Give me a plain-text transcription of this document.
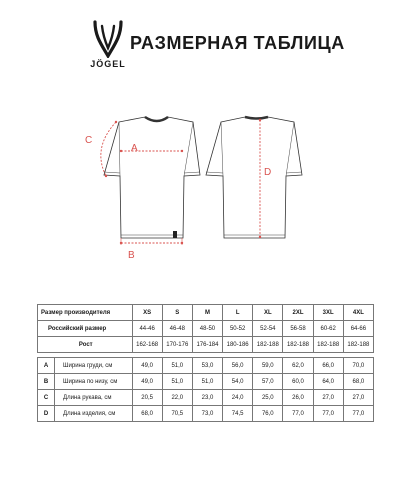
JÖGEL
РАЗМЕРНАЯ ТАБЛИЦА
A
B
C
D
Размер производителя		XS	S	M	L	XL	2XL	3XL	4XL
Российский размер		44-46	46-48	48-50	50-52	52-54	56-58	60-62	64-66
Рост		162-168	170-176	176-184	180-186	182-188	182-188	182-188	182-188

A	Ширина груди, см	49,0	51,0	53,0	56,0	59,0	62,0	66,0	70,0
B	Ширина по низу, см	49,0	51,0	51,0	54,0	57,0	60,0	64,0	68,0
C	Длина рукава, см	20,5	22,0	23,0	24,0	25,0	26,0	27,0	27,0
D	Длина изделия, см	68,0	70,5	73,0	74,5	76,0	77,0	77,0	77,0
